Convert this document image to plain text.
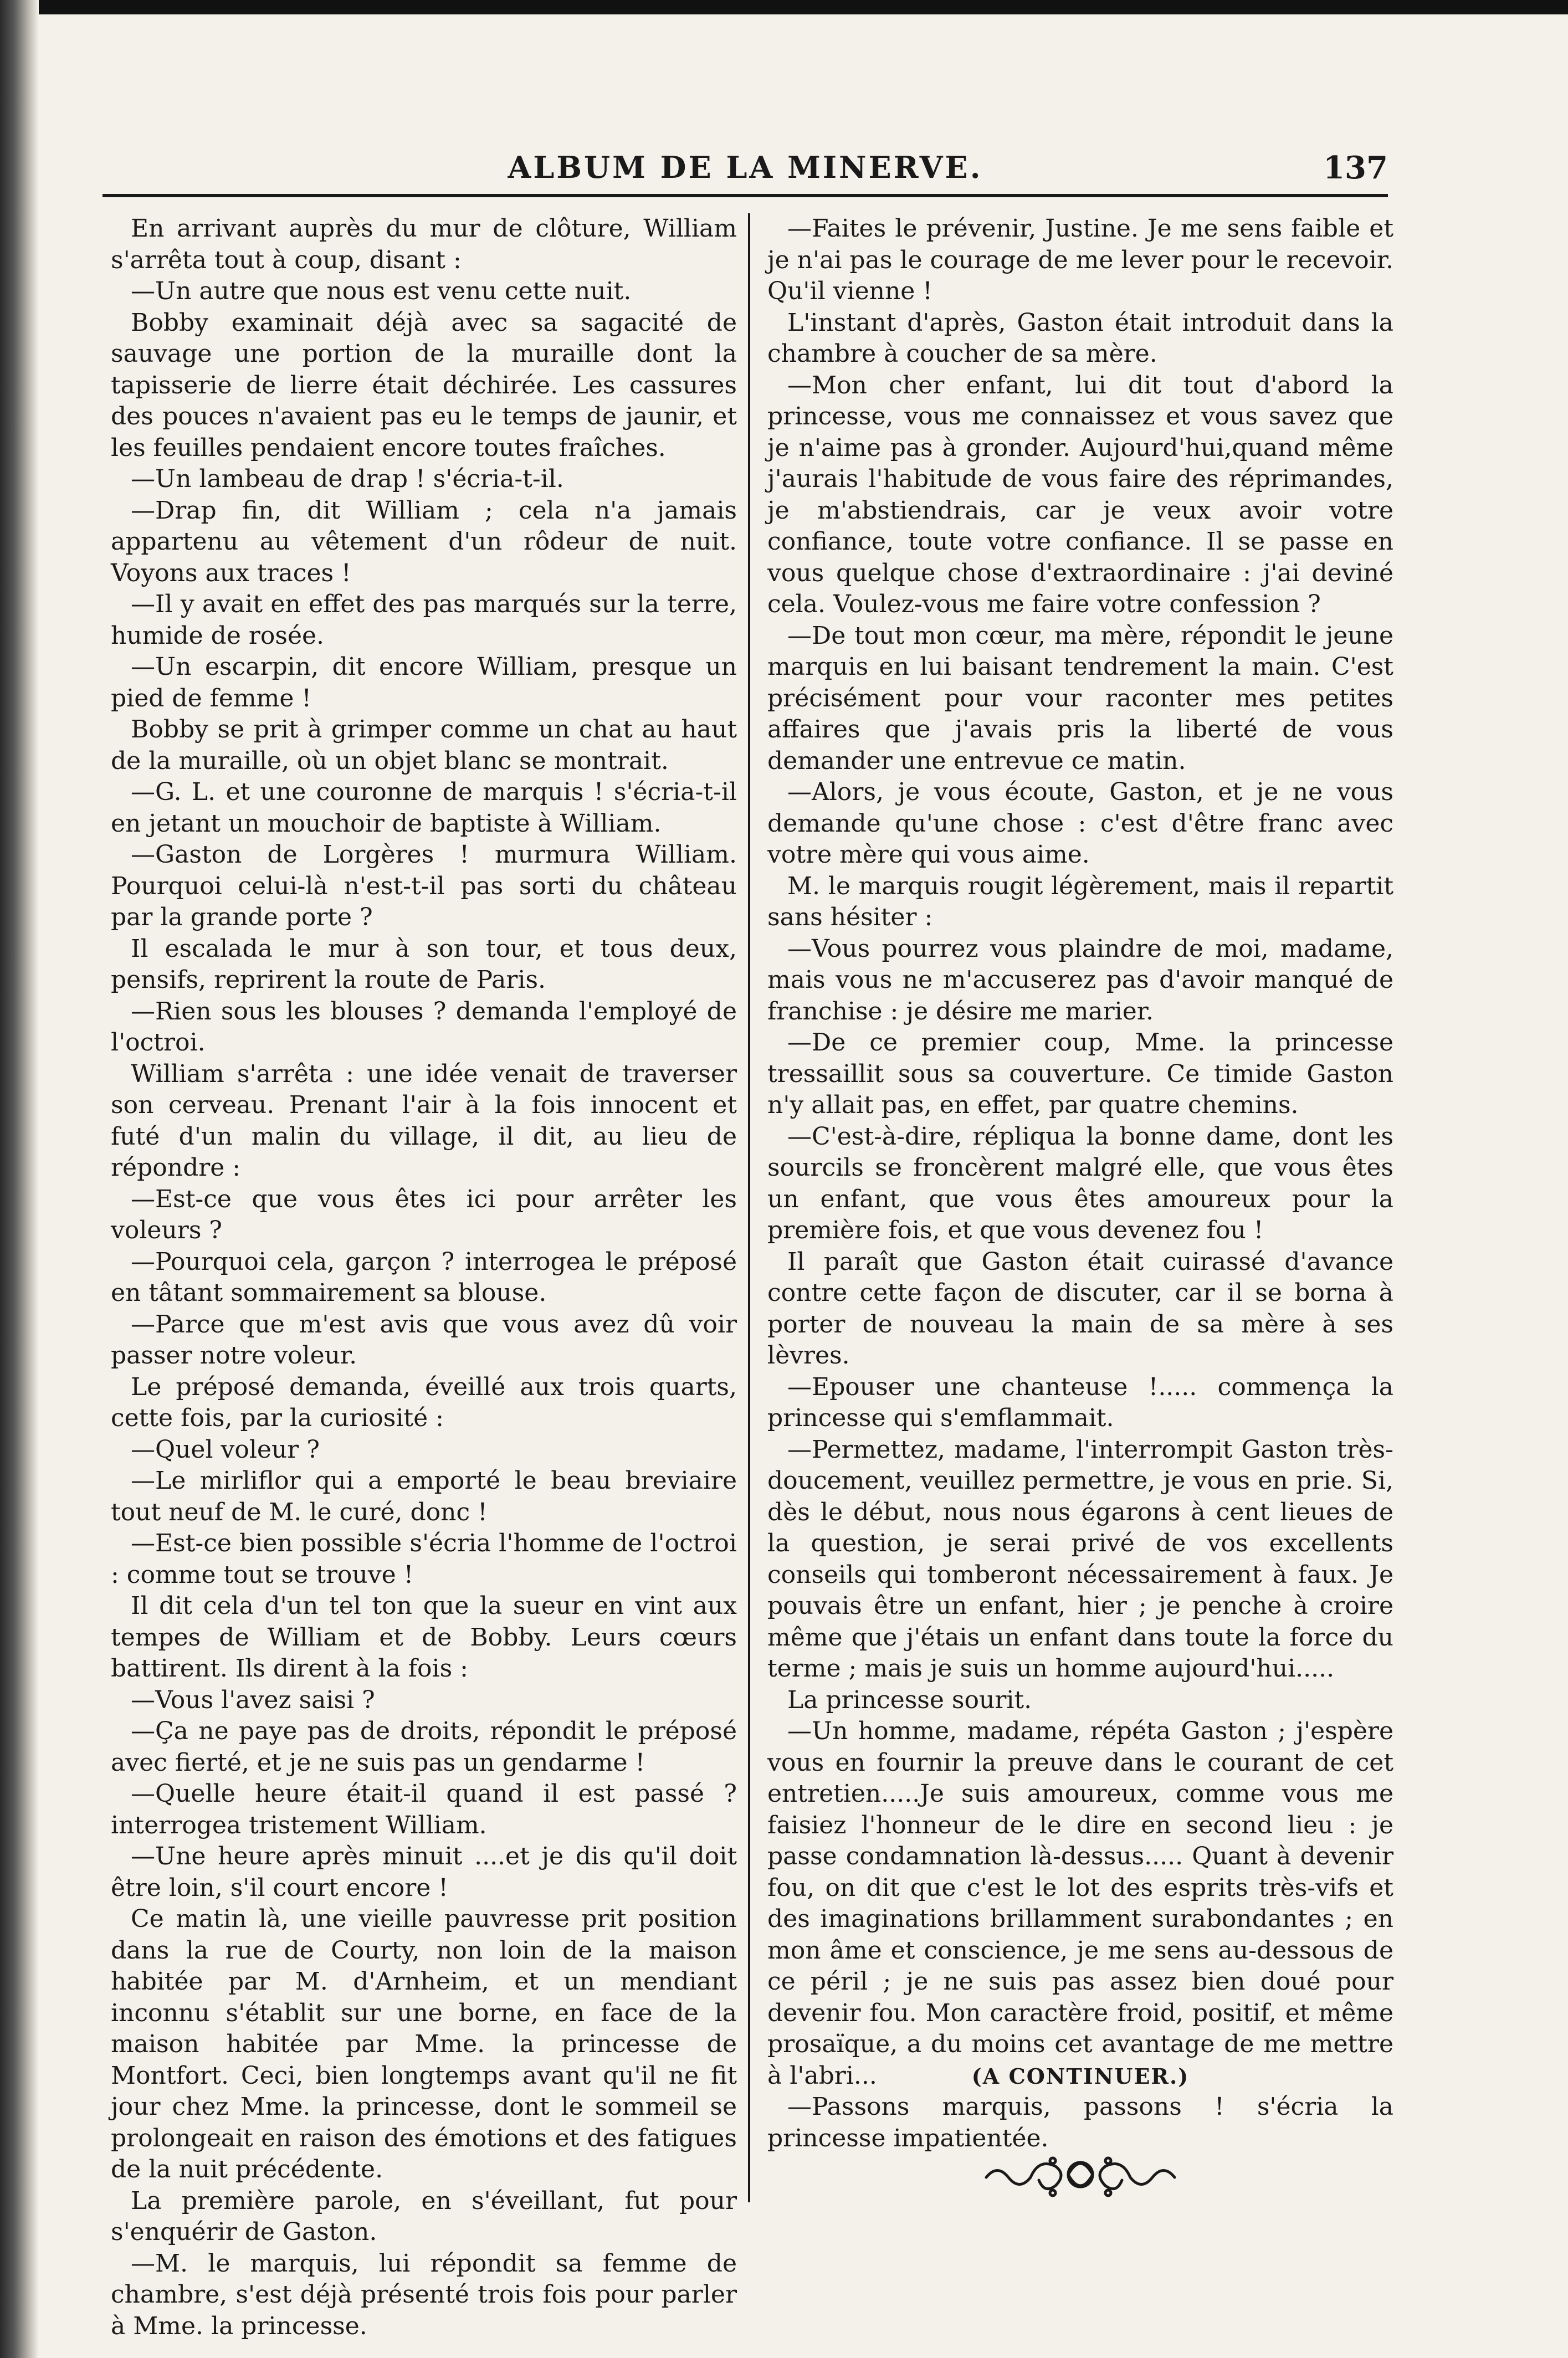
ALBUM DE LA MINERVE.	137

En arrivant auprès du mur de clôture, William s'arrêta tout à coup, disant :

—Un autre que nous est venu cette nuit.

Bobby examinait déjà avec sa sagacité de sauvage une portion de la muraille dont la tapisserie de lierre était déchirée. Les cassures des pouces n'avaient pas eu le temps de jaunir, et les feuilles pendaient encore toutes fraîches.

—Un lambeau de drap ! s'écria-t-il.

—Drap fin, dit William ; cela n'a jamais appartenu au vêtement d'un rôdeur de nuit. Voyons aux traces !

—Il y avait en effet des pas marqués sur la terre, humide de rosée.

—Un escarpin, dit encore William, presque un pied de femme !

Bobby se prit à grimper comme un chat au haut de la muraille, où un objet blanc se montrait.

—G. L. et une couronne de marquis ! s'écria-t-il en jetant un mouchoir de baptiste à William.

—Gaston de Lorgères ! murmura William. Pourquoi celui-là n'est-t-il pas sorti du château par la grande porte ?

Il escalada le mur à son tour, et tous deux, pensifs, reprirent la route de Paris.

—Rien sous les blouses ? demanda l'employé de l'octroi.

William s'arrêta : une idée venait de traverser son cerveau. Prenant l'air à la fois innocent et futé d'un malin du village, il dit, au lieu de répondre :

—Est-ce que vous êtes ici pour arrêter les voleurs ?

—Pourquoi cela, garçon ? interrogea le préposé en tâtant sommairement sa blouse.

—Parce que m'est avis que vous avez dû voir passer notre voleur.

Le préposé demanda, éveillé aux trois quarts, cette fois, par la curiosité :

—Quel voleur ?

—Le mirliflor qui a emporté le beau breviaire tout neuf de M. le curé, donc !

—Est-ce bien possible s'écria l'homme de l'octroi : comme tout se trouve !

Il dit cela d'un tel ton que la sueur en vint aux tempes de William et de Bobby. Leurs cœurs battirent. Ils dirent à la fois :

—Vous l'avez saisi ?

—Ça ne paye pas de droits, répondit le préposé avec fierté, et je ne suis pas un gendarme !

—Quelle heure était-il quand il est passé ? interrogea tristement William.

—Une heure après minuit ....et je dis qu'il doit être loin, s'il court encore !

Ce matin là, une vieille pauvresse prit position dans la rue de Courty, non loin de la maison habitée par M. d'Arnheim, et un mendiant inconnu s'établit sur une borne, en face de la maison habitée par Mme. la princesse de Montfort. Ceci, bien longtemps avant qu'il ne fit jour chez Mme. la princesse, dont le sommeil se prolongeait en raison des émotions et des fatigues de la nuit précédente.

La première parole, en s'éveillant, fut pour s'enquérir de Gaston.

—M. le marquis, lui répondit sa femme de chambre, s'est déjà présenté trois fois pour parler à Mme. la princesse.

—Faites le prévenir, Justine. Je me sens faible et je n'ai pas le courage de me lever pour le recevoir. Qu'il vienne !

L'instant d'après, Gaston était introduit dans la chambre à coucher de sa mère.

—Mon cher enfant, lui dit tout d'abord la princesse, vous me connaissez et vous savez que je n'aime pas à gronder. Aujourd'hui,quand même j'aurais l'habitude de vous faire des réprimandes, je m'abstiendrais, car je veux avoir votre confiance, toute votre confiance. Il se passe en vous quelque chose d'extraordinaire : j'ai deviné cela. Voulez-vous me faire votre confession ?

—De tout mon cœur, ma mère, répondit le jeune marquis en lui baisant tendrement la main. C'est précisément pour vour raconter mes petites affaires que j'avais pris la liberté de vous demander une entrevue ce matin.

—Alors, je vous écoute, Gaston, et je ne vous demande qu'une chose : c'est d'être franc avec votre mère qui vous aime.

M. le marquis rougit légèrement, mais il repartit sans hésiter :

—Vous pourrez vous plaindre de moi, madame, mais vous ne m'accuserez pas d'avoir manqué de franchise : je désire me marier.

—De ce premier coup, Mme. la princesse tressaillit sous sa couverture. Ce timide Gaston n'y allait pas, en effet, par quatre chemins.

—C'est-à-dire, répliqua la bonne dame, dont les sourcils se froncèrent malgré elle, que vous êtes un enfant, que vous êtes amoureux pour la première fois, et que vous devenez fou !

Il paraît que Gaston était cuirassé d'avance contre cette façon de discuter, car il se borna à porter de nouveau la main de sa mère à ses lèvres.

—Epouser une chanteuse !..... commença la princesse qui s'emflammait.

—Permettez, madame, l'interrompit Gaston très-doucement, veuillez permettre, je vous en prie. Si, dès le début, nous nous égarons à cent lieues de la question, je serai privé de vos excellents conseils qui tomberont nécessairement à faux. Je pouvais être un enfant, hier ; je penche à croire même que j'étais un enfant dans toute la force du terme ; mais je suis un homme aujourd'hui.....

La princesse sourit.

—Un homme, madame, répéta Gaston ; j'espère vous en fournir la preuve dans le courant de cet entretien.....Je suis amoureux, comme vous me faisiez l'honneur de le dire en second lieu : je passe condamnation là-dessus..... Quant à devenir fou, on dit que c'est le lot des esprits très-vifs et des imaginations brillamment surabondantes ; en mon âme et conscience, je me sens au-dessous de ce péril ; je ne suis pas assez bien doué pour devenir fou. Mon caractère froid, positif, et même prosaïque, a du moins cet avantage de me mettre à l'abri...

—Passons marquis, passons ! s'écria la princesse impatientée.

(A CONTINUER.)
